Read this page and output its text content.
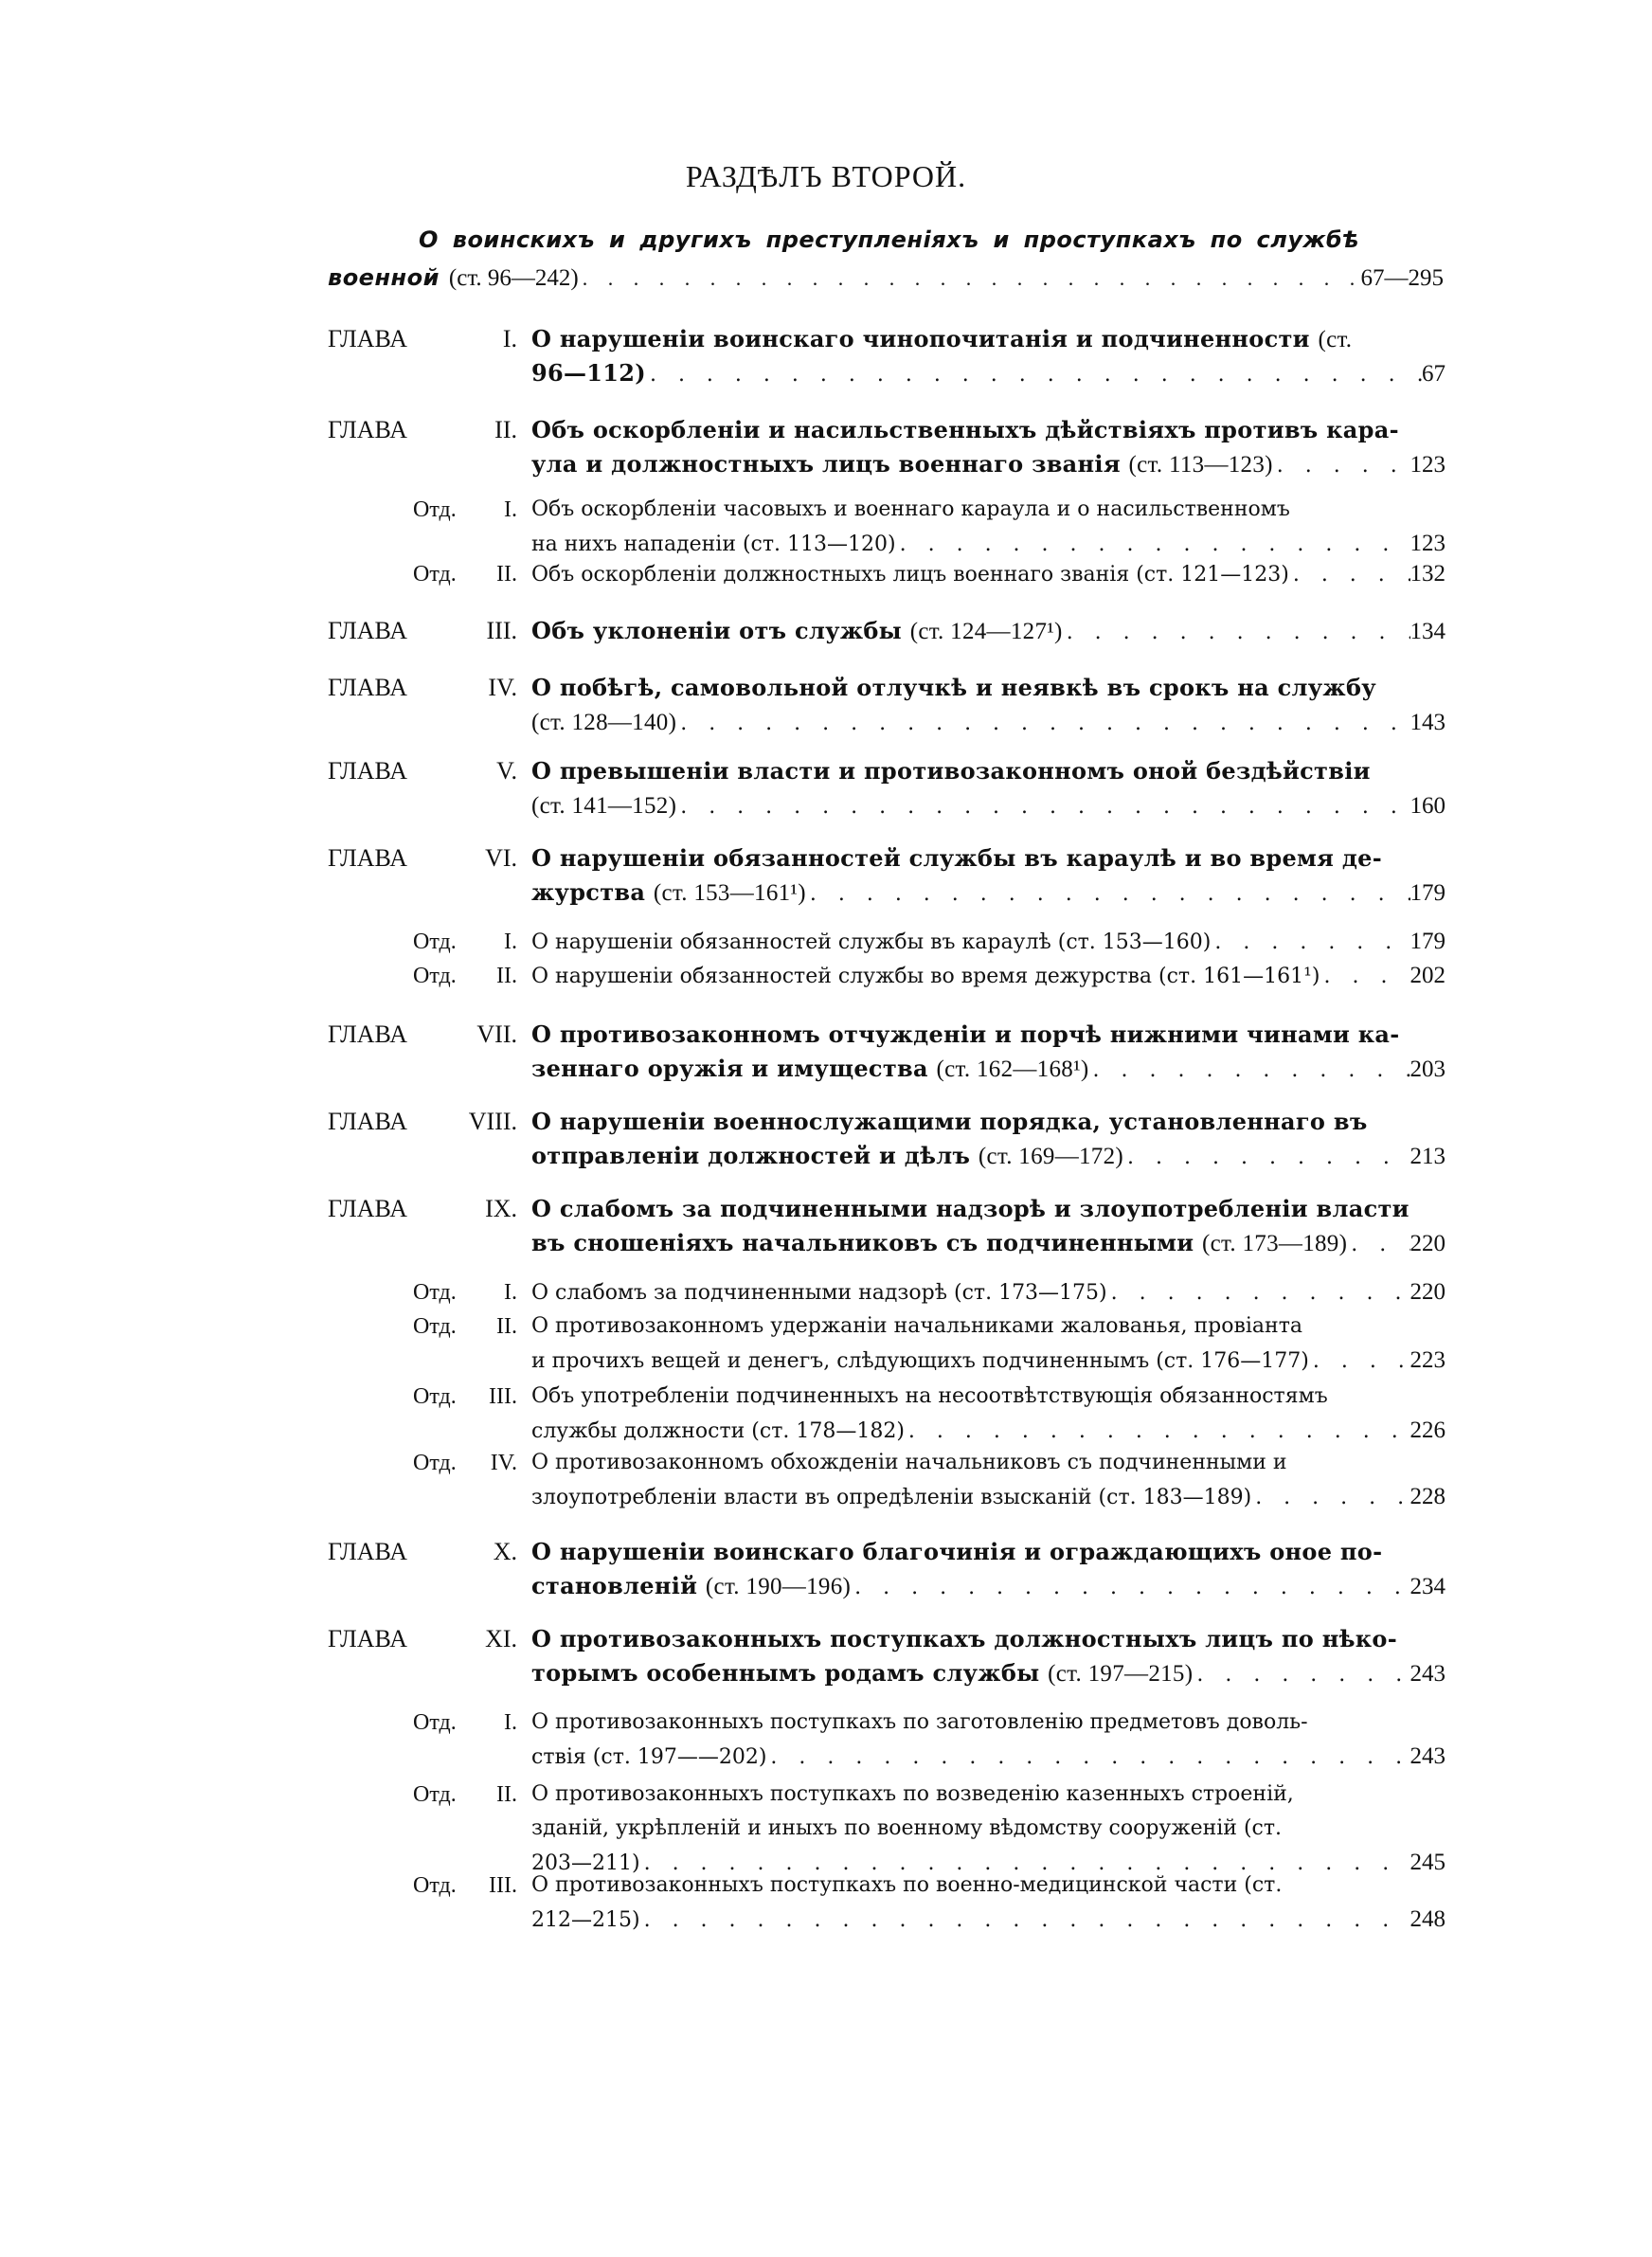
РАЗДѢЛЪ ВТОРОЙ.
О воинскихъ и другихъ преступленіяхъ и проступкахъ по службѣ
военной (ст. 96—242) . . .	67—295
ГЛАВА	I. О нарушеніи воинскаго чинопочитанія и подчиненности (ст.
96—112) . . .	67
ГЛАВА	II. Объ оскорбленіи и насильственныхъ дѣйствіяхъ противъ кара-
ула и должностныхъ лицъ военнаго званія (ст. 113—123) . . .	123
Отд.	I. Объ оскорбленіи часовыхъ и военнаго караула и о насильственномъ
на нихъ нападеніи (ст. 113—120) . . .	123
Отд.	II. Объ оскорбленіи должностныхъ лицъ военнаго званія (ст. 121—123) . . .	132
ГЛАВА	III. Объ уклоненіи отъ службы (ст. 124—127¹) . . .	134
ГЛАВА	IV. О побѣгѣ, самовольной отлучкѣ и неявкѣ въ срокъ на службу
(ст. 128—140) . . .	143
ГЛАВА	V. О превышеніи власти и противозаконномъ оной бездѣйствіи
(ст. 141—152) . . .	160
ГЛАВА	VI. О нарушеніи обязанностей службы въ караулѣ и во время де-
журства (ст. 153—161¹) . . .	179
Отд.	I. О нарушеніи обязанностей службы въ караулѣ (ст. 153—160) . . .	179
Отд.	II. О нарушеніи обязанностей службы во время дежурства (ст. 161—161¹) . . .	202
ГЛАВА	VII. О противозаконномъ отчужденіи и порчѣ нижними чинами ка-
зеннаго оружія и имущества (ст. 162—168¹) . . .	203
ГЛАВА	VIII. О нарушеніи военнослужащими порядка, установленнаго въ
отправленіи должностей и дѣлъ (ст. 169—172) . . .	213
ГЛАВА	IX. О слабомъ за подчиненными надзорѣ и злоупотребленіи власти
въ сношеніяхъ начальниковъ съ подчиненными (ст. 173—189) . . .	220
Отд.	I. О слабомъ за подчиненными надзорѣ (ст. 173—175) . . .	220
Отд.	II. О противозаконномъ удержаніи начальниками жалованья, провіанта
и прочихъ вещей и денегъ, слѣдующихъ подчиненнымъ (ст. 176—177) . . .	223
Отд.	III. Объ употребленіи подчиненныхъ на несоотвѣтствующія обязанностямъ
службы должности (ст. 178—182) . . .	226
Отд.	IV. О противозаконномъ обхожденіи начальниковъ съ подчиненными и
злоупотребленіи власти въ опредѣленіи взысканій (ст. 183—189) . . .	228
ГЛАВА	X. О нарушеніи воинскаго благочинія и ограждающихъ оное по-
становленій (ст. 190—196) . . .	234
ГЛАВА	XI. О противозаконныхъ поступкахъ должностныхъ лицъ по нѣко-
торымъ особеннымъ родамъ службы (ст. 197—215) . . .	243
Отд.	I. О противозаконныхъ поступкахъ по заготовленію предметовъ доволь-
ствія (ст. 197——202) . . .	243
Отд.	II. О противозаконныхъ поступкахъ по возведенію казенныхъ строеній,
зданій, укрѣпленій и иныхъ по военному вѣдомству сооруженій (ст.
203—211) . . .	245
Отд.	III. О противозаконныхъ поступкахъ по военно-медицинской части (ст.
212—215) . . .	248
